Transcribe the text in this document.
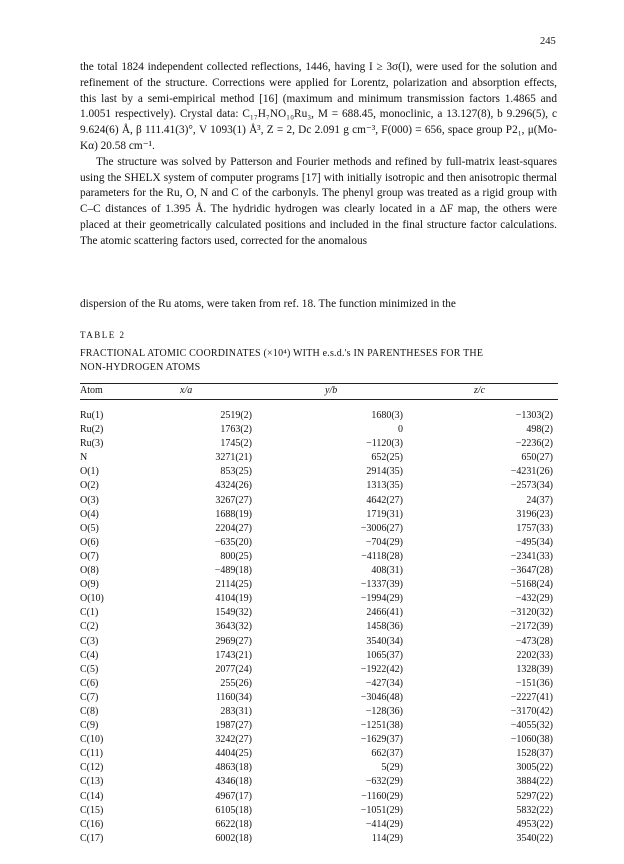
245

the total 1824 independent collected reflections, 1446, having I ≥ 3σ(I), were used for the solution and refinement of the structure. Corrections were applied for Lorentz, polarization and absorption effects, this last by a semi-empirical method [16] (maximum and minimum transmission factors 1.4865 and 1.0051 respectively). Crystal data: C₁₇H₇NO₁₀Ru₃, M = 688.45, monoclinic, a 13.127(8), b 9.296(5), c 9.624(6) Å, β 111.41(3)°, V 1093(1) Å³, Z = 2, Dc 2.091 g cm⁻³, F(000) = 656, space group P2₁, μ(Mo-Kα) 20.58 cm⁻¹.

The structure was solved by Patterson and Fourier methods and refined by full-matrix least-squares using the SHELX system of computer programs [17] with initially isotropic and then anisotropic thermal parameters for the Ru, O, N and C of the carbonyls. The phenyl group was treated as a rigid group with C–C distances of 1.395 Å. The hydridic hydrogen was clearly located in a ΔF map, the others were placed at their geometrically calculated positions and included in the final structure factor calculations. The atomic scattering factors used, corrected for the anomalous

dispersion of the Ru atoms, were taken from ref. 18. The function minimized in the
TABLE 2
FRACTIONAL ATOMIC COORDINATES (×10⁴) WITH e.s.d.'s IN PARENTHESES FOR THE
NON-HYDROGEN ATOMS
Atom	x/a	y/b	z/c
Ru(1)	2519(2)	1680(3)	−1303(2)
Ru(2)	1763(2)	0	498(2)
Ru(3)	1745(2)	−1120(3)	−2236(2)
N	3271(21)	652(25)	650(27)
O(1)	853(25)	2914(35)	−4231(26)
O(2)	4324(26)	1313(35)	−2573(34)
O(3)	3267(27)	4642(27)	24(37)
O(4)	1688(19)	1719(31)	3196(23)
O(5)	2204(27)	−3006(27)	1757(33)
O(6)	−635(20)	−704(29)	−495(34)
O(7)	800(25)	−4118(28)	−2341(33)
O(8)	−489(18)	408(31)	−3647(28)
O(9)	2114(25)	−1337(39)	−5168(24)
O(10)	4104(19)	−1994(29)	−432(29)
C(1)	1549(32)	2466(41)	−3120(32)
C(2)	3643(32)	1458(36)	−2172(39)
C(3)	2969(27)	3540(34)	−473(28)
C(4)	1743(21)	1065(37)	2202(33)
C(5)	2077(24)	−1922(42)	1328(39)
C(6)	255(26)	−427(34)	−151(36)
C(7)	1160(34)	−3046(48)	−2227(41)
C(8)	283(31)	−128(36)	−3170(42)
C(9)	1987(27)	−1251(38)	−4055(32)
C(10)	3242(27)	−1629(37)	−1060(38)
C(11)	4404(25)	662(37)	1528(37)
C(12)	4863(18)	5(29)	3005(22)
C(13)	4346(18)	−632(29)	3884(22)
C(14)	4967(17)	−1160(29)	5297(22)
C(15)	6105(18)	−1051(29)	5832(22)
C(16)	6622(18)	−414(29)	4953(22)
C(17)	6002(18)	114(29)	3540(22)
